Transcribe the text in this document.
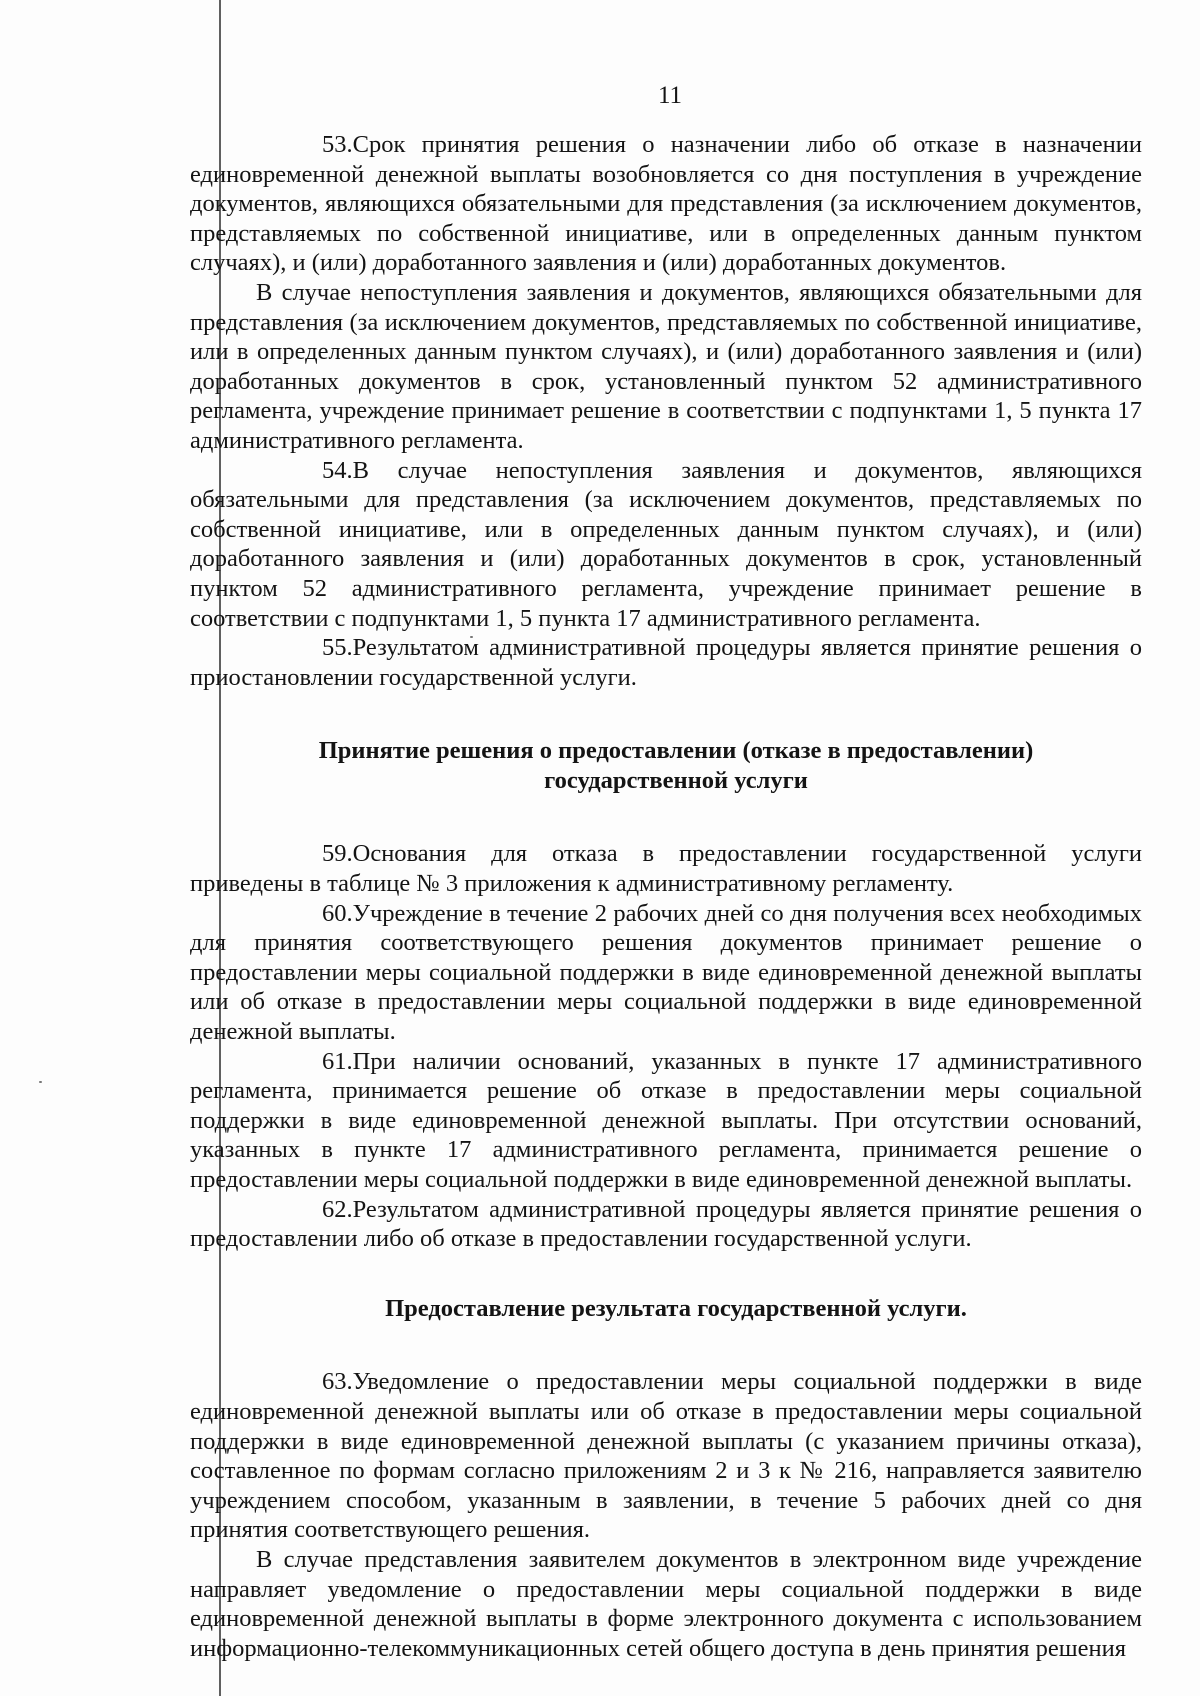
11

53.Срок принятия решения о назначении либо об отказе в назначении единовременной денежной выплаты возобновляется со дня поступления в учреждение документов, являющихся обязательными для представления (за исключением документов, представляемых по собственной инициативе, или в определенных данным пунктом случаях), и (или) доработанного заявления и (или) доработанных документов.

В случае непоступления заявления и документов, являющихся обязательными для представления (за исключением документов, представляемых по собственной инициативе, или в определенных данным пунктом случаях), и (или) доработанного заявления и (или) доработанных документов в срок, установленный пунктом 52 административного регламента, учреждение принимает решение в соответствии с подпунктами 1, 5 пункта 17 административного регламента.

54.В случае непоступления заявления и документов, являющихся обязательными для представления (за исключением документов, представляемых по собственной инициативе, или в определенных данным пунктом случаях), и (или) доработанного заявления и (или) доработанных документов в срок, установленный пунктом 52 административного регламента, учреждение принимает решение в соответствии с подпунктами 1, 5 пункта 17 административного регламента.

55.Результатом административной процедуры является принятие решения о приостановлении государственной услуги.

Принятие решения о предоставлении (отказе в предоставлении)
государственной услуги

59.Основания для отказа в предоставлении государственной услуги приведены в таблице № 3 приложения к административному регламенту.

60.Учреждение в течение 2 рабочих дней со дня получения всех необходимых для принятия соответствующего решения документов принимает решение о предоставлении меры социальной поддержки в виде единовременной денежной выплаты или об отказе в предоставлении меры социальной поддержки в виде единовременной денежной выплаты.

61.При наличии оснований, указанных в пункте 17 административного регламента, принимается решение об отказе в предоставлении меры социальной поддержки в виде единовременной денежной выплаты. При отсутствии оснований, указанных в пункте 17 административного регламента, принимается решение о предоставлении меры социальной поддержки в виде единовременной денежной выплаты.

62.Результатом административной процедуры является принятие решения о предоставлении либо об отказе в предоставлении государственной услуги.

Предоставление результата государственной услуги.

63.Уведомление о предоставлении меры социальной поддержки в виде единовременной денежной выплаты или об отказе в предоставлении меры социальной поддержки в виде единовременной денежной выплаты (с указанием причины отказа), составленное по формам согласно приложениям 2 и 3 к № 216, направляется заявителю учреждением способом, указанным в заявлении, в течение 5 рабочих дней со дня принятия соответствующего решения.

В случае представления заявителем документов в электронном виде учреждение направляет уведомление о предоставлении меры социальной поддержки в виде единовременной денежной выплаты в форме электронного документа с использованием информационно-телекоммуникационных сетей общего доступа в день принятия решения
